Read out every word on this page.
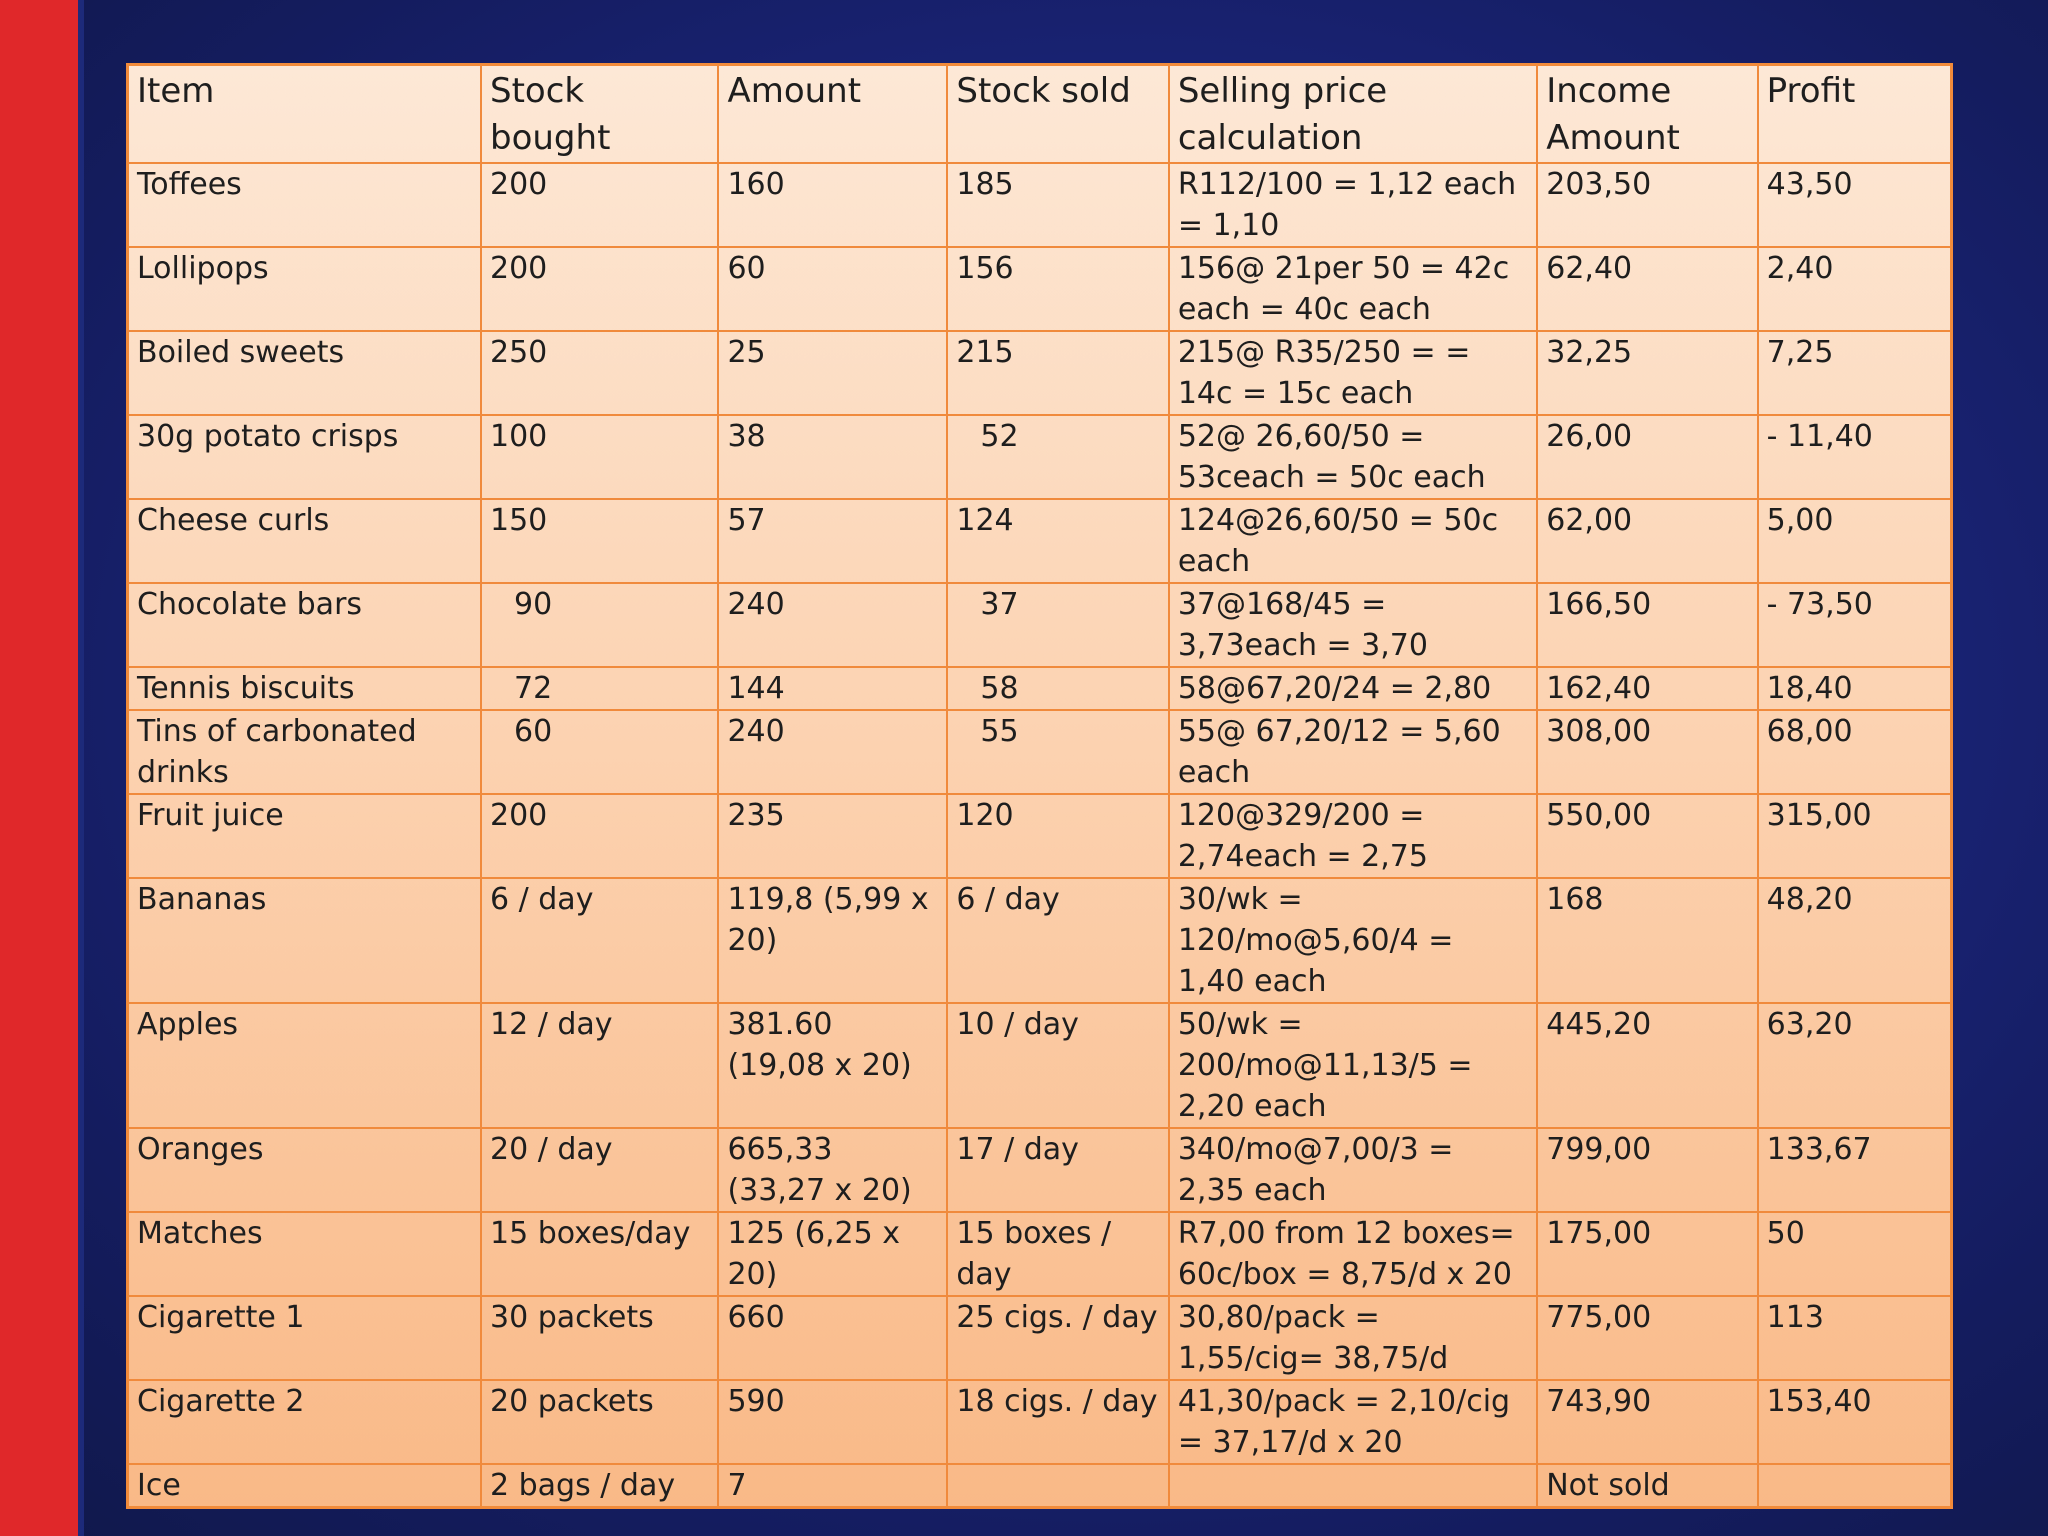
Item	Stock bought	Amount	Stock sold	Selling price calculation	Income Amount	Profit
Toffees	200	160	185	R112/100 = 1,12 each = 1,10	203,50	43,50
Lollipops	200	60	156	156@ 21per 50 = 42c each = 40c each	62,40	2,40
Boiled sweets	250	25	215	215@ R35/250 = = 14c = 15c each	32,25	7,25
30g potato crisps	100	38	52	52@ 26,60/50 = 53ceach = 50c each	26,00	- 11,40
Cheese curls	150	57	124	124@26,60/50 = 50c each	62,00	5,00
Chocolate bars	90	240	37	37@168/45 = 3,73each = 3,70	166,50	- 73,50
Tennis biscuits	72	144	58	58@67,20/24 = 2,80	162,40	18,40
Tins of carbonated drinks	60	240	55	55@ 67,20/12 = 5,60 each	308,00	68,00
Fruit juice	200	235	120	120@329/200 = 2,74each = 2,75	550,00	315,00
Bananas	6 / day	119,8 (5,99 x 20)	6 / day	30/wk = 120/mo@5,60/4 = 1,40 each	168	48,20
Apples	12 / day	381.60 (19,08 x 20)	10 / day	50/wk = 200/mo@11,13/5 = 2,20 each	445,20	63,20
Oranges	20 / day	665,33 (33,27 x 20)	17 / day	340/mo@7,00/3 = 2,35 each	799,00	133,67
Matches	15 boxes/day	125 (6,25 x 20)	15 boxes / day	R7,00 from 12 boxes= 60c/box = 8,75/d x 20	175,00	50
Cigarette 1	30 packets	660	25 cigs. / day	30,80/pack = 1,55/cig= 38,75/d	775,00	113
Cigarette 2	20 packets	590	18 cigs. / day	41,30/pack = 2,10/cig = 37,17/d x 20	743,90	153,40
Ice	2 bags / day	7			Not sold	
